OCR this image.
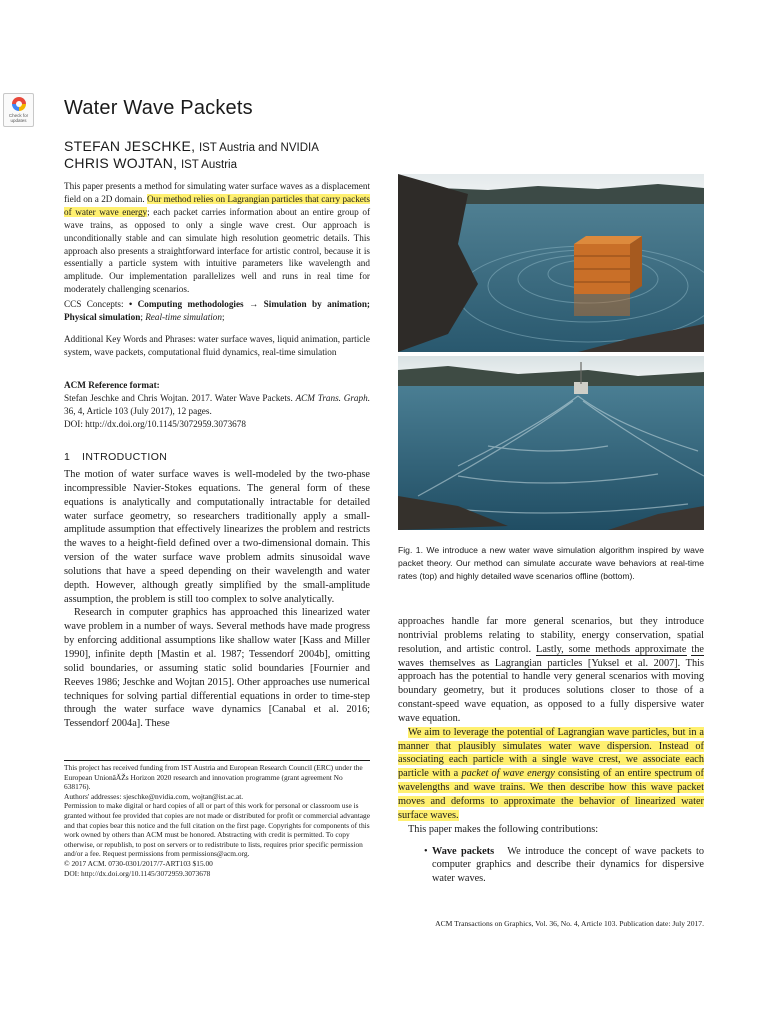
Check for updates
Water Wave Packets
STEFAN JESCHKE, IST Austria and NVIDIA
CHRIS WOJTAN, IST Austria
This paper presents a method for simulating water surface waves as a displacement field on a 2D domain. Our method relies on Lagrangian particles that carry packets of water wave energy; each packet carries information about an entire group of wave trains, as opposed to only a single wave crest. Our approach is unconditionally stable and can simulate high resolution geometric details. This approach also presents a straightforward interface for artistic control, because it is essentially a particle system with intuitive parameters like wavelength and amplitude. Our implementation parallelizes well and runs in real time for moderately challenging scenarios.
CCS Concepts: • Computing methodologies → Simulation by animation; Physical simulation; Real-time simulation;
Additional Key Words and Phrases: water surface waves, liquid animation, particle system, wave packets, computational fluid dynamics, real-time simulation
ACM Reference format:
Stefan Jeschke and Chris Wojtan. 2017. Water Wave Packets. ACM Trans. Graph. 36, 4, Article 103 (July 2017), 12 pages.
DOI: http://dx.doi.org/10.1145/3072959.3073678
1 INTRODUCTION
The motion of water surface waves is well-modeled by the two-phase incompressible Navier-Stokes equations. The general form of these equations is analytically and computationally intractable for detailed water surface geometry, so researchers traditionally apply a small-amplitude assumption that effectively linearizes the problem and restricts the waves to a height-field defined over a two-dimensional domain. This version of the water surface wave problem admits sinusoidal wave solutions that have a speed depending on their wavelength and water depth. However, although greatly simplified by the small-amplitude assumption, the problem is still too complex to solve analytically.
Research in computer graphics has approached this linearized water wave problem in a number of ways. Several methods have made progress by enforcing additional assumptions like shallow water [Kass and Miller 1990], infinite depth [Mastin et al. 1987; Tessendorf 2004b], omitting solid boundaries, or assuming static solid boundaries [Fournier and Reeves 1986; Jeschke and Wojtan 2015]. Other approaches use numerical techniques for solving partial differential equations in order to time-step through the water surface wave dynamics [Canabal et al. 2016; Tessendorf 2004a]. These
This project has received funding from IST Austria and European Research Council (ERC) under the European UnionâĂŽs Horizon 2020 research and innovation programme (grant agreement No 638176).
Authors' addresses: sjeschke@nvidia.com, wojtan@ist.ac.at.
Permission to make digital or hard copies of all or part of this work for personal or classroom use is granted without fee provided that copies are not made or distributed for profit or commercial advantage and that copies bear this notice and the full citation on the first page. Copyrights for components of this work owned by others than ACM must be honored. Abstracting with credit is permitted. To copy otherwise, or republish, to post on servers or to redistribute to lists, requires prior specific permission and/or a fee. Request permissions from permissions@acm.org.
© 2017 ACM. 0730-0301/2017/7-ART103 $15.00
DOI: http://dx.doi.org/10.1145/3072959.3073678
Fig. 1. We introduce a new water wave simulation algorithm inspired by wave packet theory. Our method can simulate accurate wave behaviors at real-time rates (top) and highly detailed wave scenarios offline (bottom).
approaches handle far more general scenarios, but they introduce nontrivial problems relating to stability, energy conservation, spatial resolution, and artistic control. Lastly, some methods approximate the waves themselves as Lagrangian particles [Yuksel et al. 2007]. This approach has the potential to handle very general scenarios with moving boundary geometry, but it produces solutions closer to those of a constant-speed wave equation, as opposed to a fully dispersive water wave equation.
We aim to leverage the potential of Lagrangian wave particles, but in a manner that plausibly simulates water wave dispersion. Instead of associating each particle with a single wave crest, we associate each particle with a packet of wave energy consisting of an entire spectrum of wavelengths and wave trains. We then describe how this wave packet moves and deforms to approximate the behavior of linearized water surface waves.
This paper makes the following contributions:
• Wave packets We introduce the concept of wave packets to computer graphics and describe their dynamics for dispersive water waves.
ACM Transactions on Graphics, Vol. 36, No. 4, Article 103. Publication date: July 2017.
